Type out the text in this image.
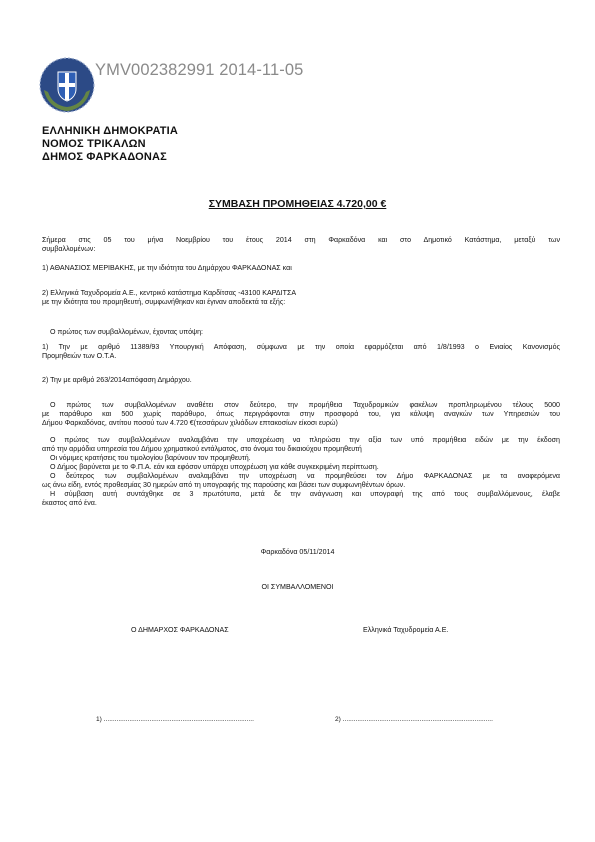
ΥΜV002382991 2014-11-05
ΕΛΛΗΝΙΚΗ ΔΗΜΟΚΡΑΤΙΑ
ΝΟΜΟΣ ΤΡΙΚΑΛΩΝ
ΔΗΜΟΣ ΦΑΡΚΑΔΟΝΑΣ
ΣΥΜΒΑΣΗ ΠΡΟΜΗΘΕΙΑΣ 4.720,00 €
Σήμερα στις 05 του μήνα Νοεμβρίου του έτους 2014 στη Φαρκαδόνα και στο Δημοτικό Κατάστημα, μεταξύ των
συμβαλλομένων:
1) ΑΘΑΝΑΣΙΟΣ ΜΕΡΙΒΑΚΗΣ, με την ιδιότητα του Δημάρχου ΦΑΡΚΑΔΟΝΑΣ και
2) Ελληνικά Ταχυδρομεία Α.Ε., κεντρικό κατάστημα Καρδίτσας -43100 ΚΑΡΔΙΤΣΑ
με την ιδιότητα του προμηθευτή, συμφωνήθηκαν και έγιναν αποδεκτά τα εξής:
Ο πρώτος των συμβαλλομένων, έχοντας υπόψη:
1) Την με αριθμό 11389/93 Υπουργική Απόφαση, σύμφωνα με την οποία εφαρμόζεται από 1/8/1993 ο Ενιαίος Κανονισμός
Προμηθειών των Ο.Τ.Α.
2) Την με αριθμό 263/2014απόφαση Δημάρχου.
Ο πρώτος των συμβαλλομένων αναθέτει στον δεύτερο, την προμήθεια Ταχυδρομικών φακέλων προπληρωμένου τέλους 5000
με παράθυρο και 500 χωρίς παράθυρο, όπως περιγράφονται στην προσφορά του, για κάλυψη αναγκών των Υπηρεσιών του
Δήμου Φαρκαδόνας, αντίτου ποσού των 4.720 €(τεσσάρων χιλιάδων επτακοσίων είκοσι ευρώ)
Ο πρώτος των συμβαλλομένων αναλαμβάνει την υποχρέωση να πληρώσει την αξία των υπό προμήθεια ειδών με την έκδοση
από την αρμόδια υπηρεσία του Δήμου χρηματικού εντάλματος, στο όνομα του δικαιούχου προμηθευτή
Οι νόμιμες κρατήσεις του τιμολογίου βαρύνουν τον προμηθευτή.
Ο Δήμος βαρύνεται με το Φ.Π.Α. εάν και εφόσον υπάρχει υποχρέωση για κάθε συγκεκριμένη περίπτωση.
Ο δεύτερος των συμβαλλομένων αναλαμβάνει την υποχρέωση να προμηθεύσει τον Δήμο ΦΑΡΚΑΔΟΝΑΣ με τα αναφερόμενα
ως άνω είδη, εντός προθεσμίας 30 ημερών από τη υπογραφής της παρούσης και βάσει των συμφωνηθέντων όρων.
Η σύμβαση αυτή συντάχθηκε σε 3 πρωτότυπα, μετά δε την ανάγνωση και υπογραφή της από τους συμβαλλόμενους, έλαβε
έκαστος από ένα.
Φαρκαδόνα 05/11/2014
ΟΙ ΣΥΜΒΑΛΛΟΜΕΝΟΙ
Ο ΔΗΜΑΡΧΟΣ ΦΑΡΚΑΔΟΝΑΣ	Ελληνικά Ταχυδρομεία Α.Ε.
1) ..................................................................................	2) ..................................................................................
